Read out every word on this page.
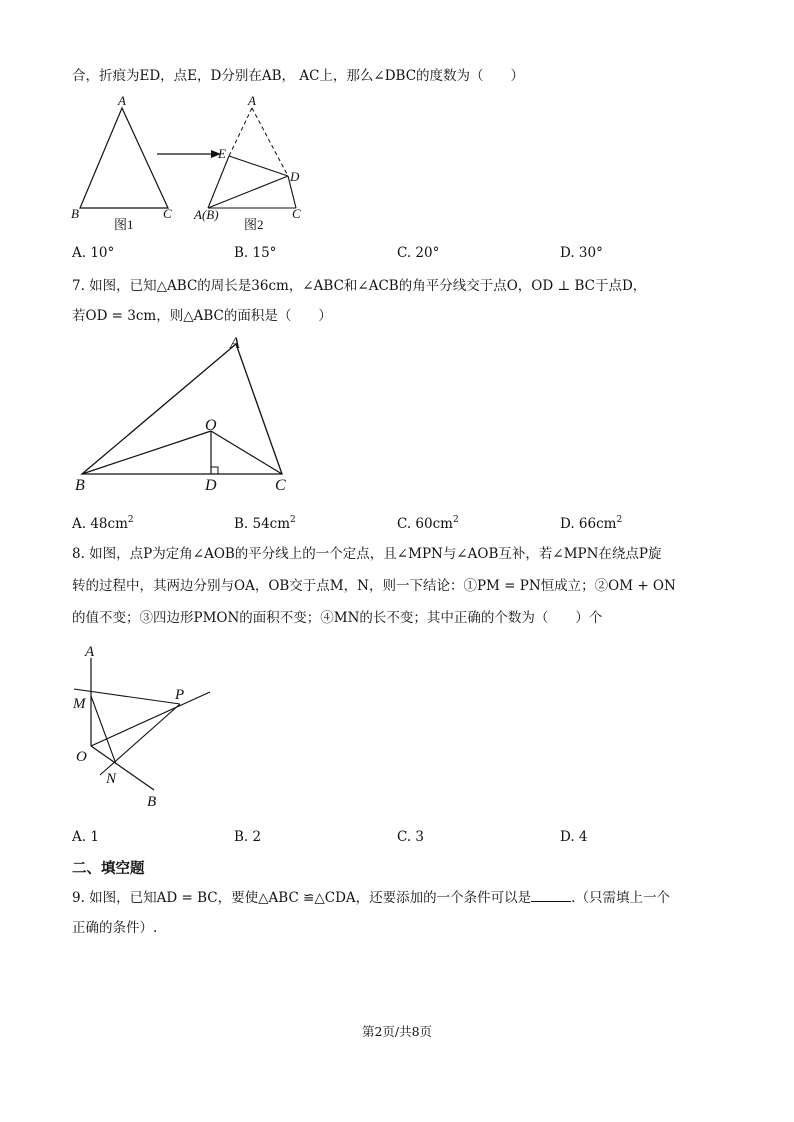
合，折痕为ED，点E，D分别在AB， AC上，那么∠DBC的度数为（　　）
A
B	C
图1
A
E
D
A(B)	C
图2
A. 10°	B. 15°	C. 20°	D. 30°
7. 如图，已知△ABC的周长是36cm，∠ABC和∠ACB的角平分线交于点O，OD ⊥ BC于点D，
若OD = 3cm，则△ABC的面积是（　　）
A
O
B	D	C
A. $48cm^2$	B. $54cm^2$	C. $60cm^2$	D. $66cm^2$
8. 如图，点P为定角∠AOB的平分线上的一个定点，且∠MPN与∠AOB互补，若∠MPN在绕点P旋
转的过程中，其两边分别与OA，OB交于点M，N，则一下结论：①PM = PN恒成立；②OM + ON
的值不变；③四边形PMON的面积不变；④MN的长不变；其中正确的个数为（　　）个
A
M
P
O
N
B
A. 1	B. 2	C. 3	D. 4
二、填空题
9. 如图，已知AD = BC，要使△ABC ≌△CDA，还要添加的一个条件可以是	.（只需填上一个
正确的条件）.
第2页/共8页
